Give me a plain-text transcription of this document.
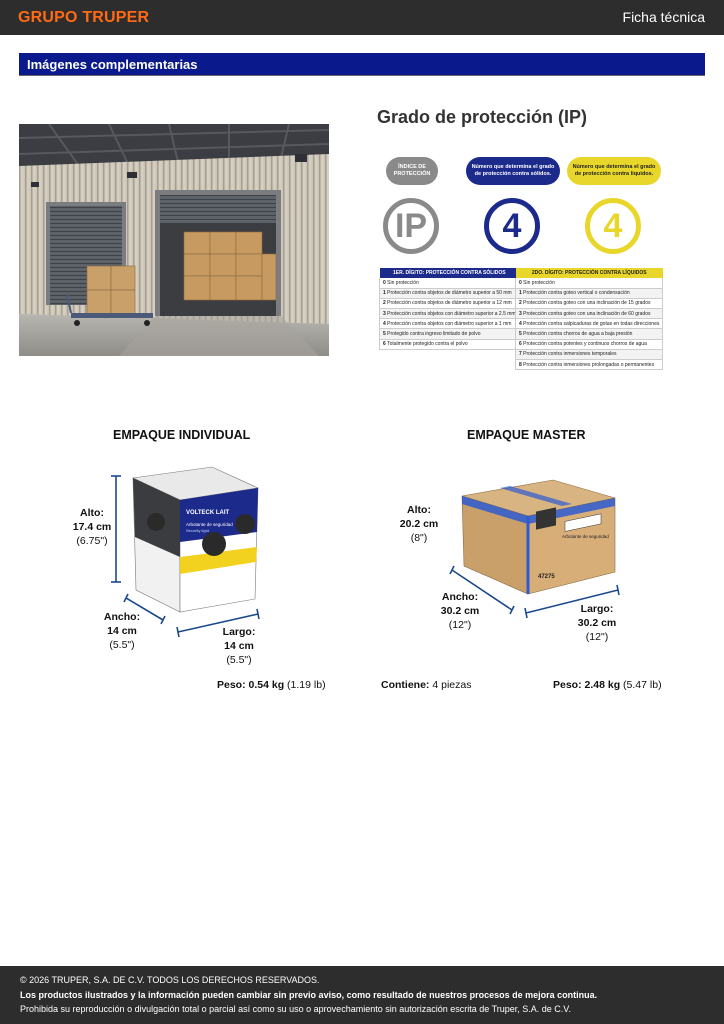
GRUPO TRUPER	Ficha técnica
Imágenes complementarias
Grado de protección (IP)
ÍNDICE DE PROTECCIÓN
Número que determina el grado de protección contra sólidos.
Número que determina el grado de protección contra líquidos.
IP	4	4
1ER. DÍGITO: PROTECCIÓN CONTRA SÓLIDOS
0 Sin protección
1 Protección contra objetos de diámetro superior a 50 mm
2 Protección contra objetos de diámetro superior a 12 mm
3 Protección contra objetos con diámetro superior a 2.5 mm
4 Protección contra objetos con diámetro superior a 1 mm
5 Protegido contra ingreso limitado de polvo
6 Totalmente protegido contra el polvo
2DO. DÍGITO: PROTECCIÓN CONTRA LÍQUIDOS
0 Sin protección
1 Protección contra goteo vertical o condensación
2 Protección contra goteo con una inclinación de 15 grados
3 Protección contra goteo con una inclinación de 60 grados
4 Protección contra salpicaduras de gotas en todas direcciones
5 Protección contra chorros de agua a baja presión
6 Protección contra potentes y continuos chorros de agua
7 Protección contra inmersiones temporales
8 Protección contra inmersiones prolongadas o permanentes
EMPAQUE INDIVIDUAL
VOLTECK LAIT
Arbotante de seguridad
Security light
Alto:
17.4 cm
(6.75")
Ancho:
14 cm
(5.5")
Largo:
14 cm
(5.5")
Peso: 0.54 kg (1.19 lb)
EMPAQUE MASTER
Arbotante de seguridad
47275
Alto:
20.2 cm
(8")
Ancho:
30.2 cm
(12")
Largo:
30.2 cm
(12")
Contiene: 4 piezas	Peso: 2.48 kg (5.47 lb)
© 2026 TRUPER, S.A. DE C.V. TODOS LOS DERECHOS RESERVADOS.
Los productos ilustrados y la información pueden cambiar sin previo aviso, como resultado de nuestros procesos de mejora continua.
Prohibida su reproducción o divulgación total o parcial así como su uso o aprovechamiento sin autorización escrita de Truper, S.A. de C.V.
